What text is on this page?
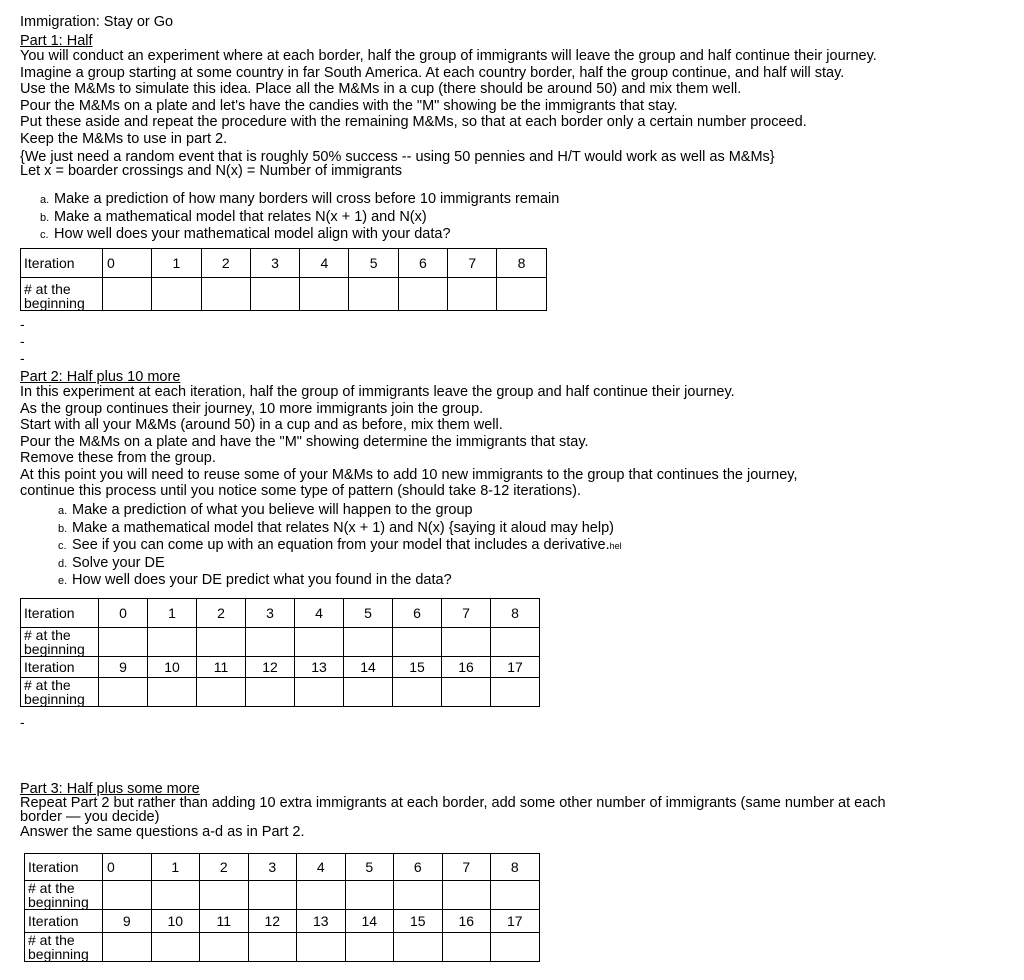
Immigration: Stay or Go
Part 1: Half
You will conduct an experiment where at each border, half the group of immigrants will leave the group and half continue their journey.
Imagine a group starting at some country in far South America. At each country border, half the group continue, and half will stay.
Use the M&Ms to simulate this idea. Place all the M&Ms in a cup (there should be around 50) and mix them well.
Pour the M&Ms on a plate and let's have the candies with the "M" showing be the immigrants that stay.
Put these aside and repeat the procedure with the remaining M&Ms, so that at each border only a certain number proceed.
Keep the M&Ms to use in part 2.
{We just need a random event that is roughly 50% success -- using 50 pennies and H/T would work as well as M&Ms}
Let x = boarder crossings and N(x) = Number of immigrants
a. Make a prediction of how many borders will cross before 10 immigrants remain
b. Make a mathematical model that relates N(x + 1) and N(x)
c. How well does your mathematical model align with your data?
Iteration	0	1	2	3	4	5	6	7	8
# at the beginning									
-
-
-
Part 2: Half plus 10 more
In this experiment at each iteration, half the group of immigrants leave the group and half continue their journey.
As the group continues their journey, 10 more immigrants join the group.
Start with all your M&Ms (around 50) in a cup and as before, mix them well.
Pour the M&Ms on a plate and have the "M" showing determine the immigrants that stay.
Remove these from the group.
At this point you will need to reuse some of your M&Ms to add 10 new immigrants to the group that continues the journey,
continue this process until you notice some type of pattern (should take 8-12 iterations).
a. Make a prediction of what you believe will happen to the group
b. Make a mathematical model that relates N(x + 1) and N(x) {saying it aloud may help)
c. See if you can come up with an equation from your model that includes a derivative.hel
d. Solve your DE
e. How well does your DE predict what you found in the data?
Iteration	0	1	2	3	4	5	6	7	8
# at the beginning									
Iteration	9	10	11	12	13	14	15	16	17
# at the beginning									
-
Part 3: Half plus some more
Repeat Part 2 but rather than adding 10 extra immigrants at each border, add some other number of immigrants (same number at each
border — you decide)
Answer the same questions a-d as in Part 2.
Iteration	0	1	2	3	4	5	6	7	8
# at the beginning									
Iteration	9	10	11	12	13	14	15	16	17
# at the beginning									
